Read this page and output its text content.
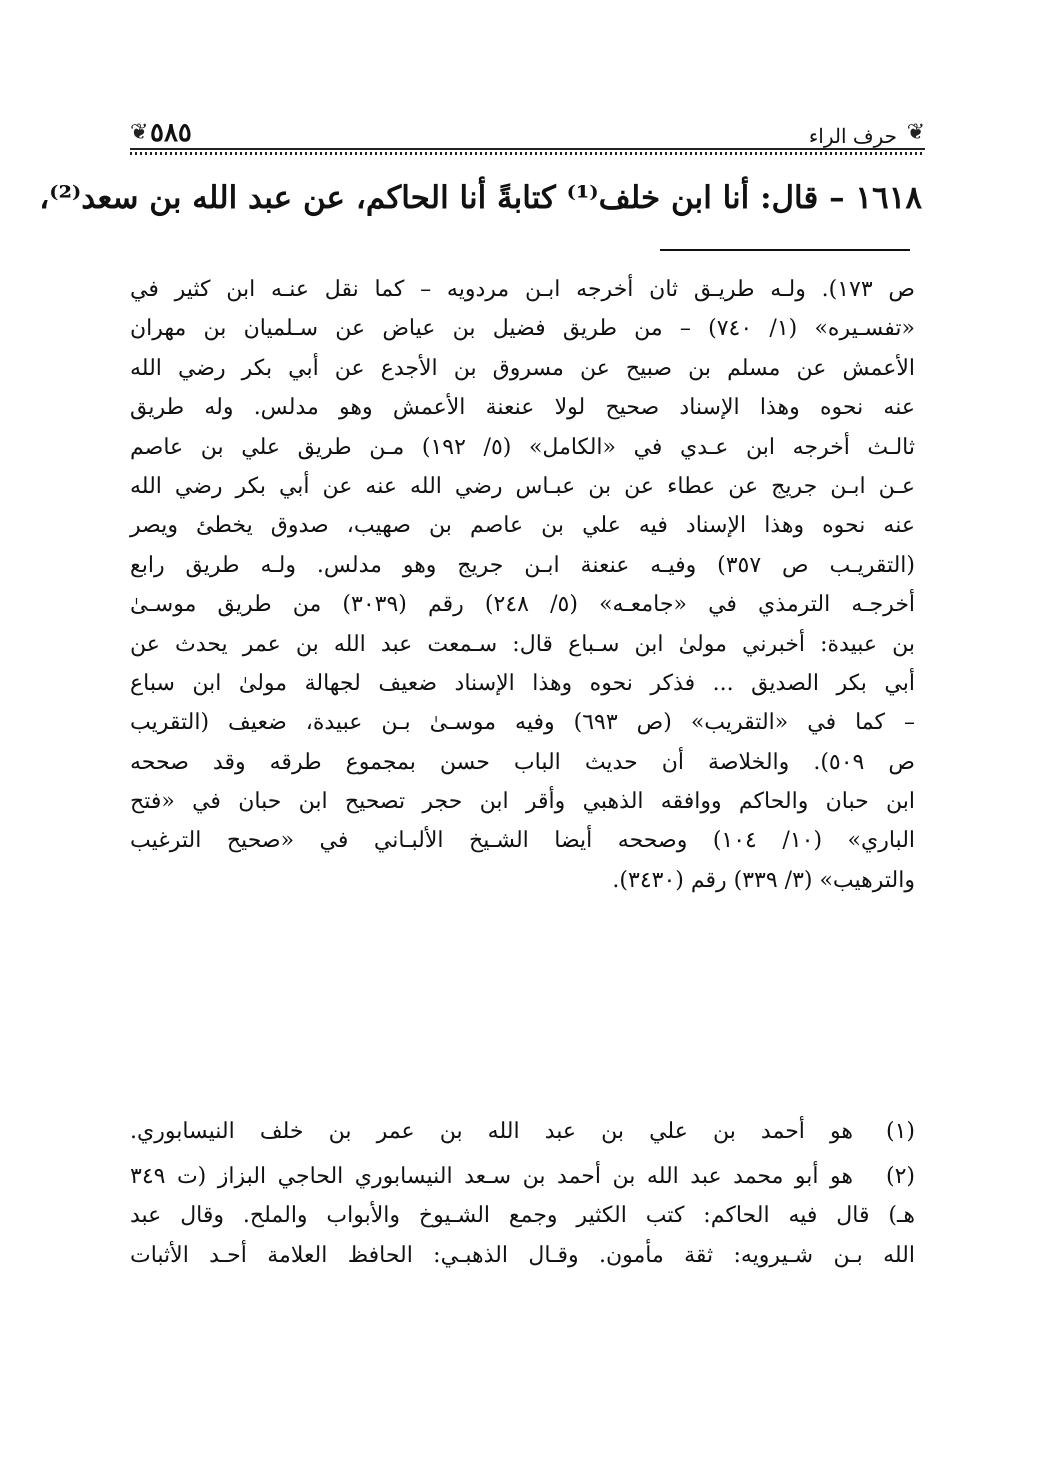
❦ ٥٨٥	حرف الراء ❦
١٦١٨ – قال: أنا ابن خلف⁽¹⁾ كتابةً أنا الحاكم، عن عبد الله بن سعد⁽²⁾،
ص ١٧٣). ولـه طريـق ثان أخرجه ابـن مردويه – كما نقل عنـه ابن كثير في
«تفسـيره» (١/ ٧٤٠) – من طريق فضيل بن عياض عن سـلميان بن مهران
الأعمش عن مسلم بن صبيح عن مسروق بن الأجدع عن أبي بكر رضي الله
عنه نحوه وهذا الإسناد صحيح لولا عنعنة الأعمش وهو مدلس. وله طريق
ثالـث أخرجه ابن عـدي في «الكامل» (٥/ ١٩٢) مـن طريق علي بن عاصم
عـن ابـن جريج عن عطاء عن بن عبـاس رضي الله عنه عن أبي بكر رضي الله
عنه نحوه وهذا الإسناد فيه علي بن عاصم بن صهيب، صدوق يخطئ ويصر
(التقريـب ص ٣٥٧) وفيـه عنعنة ابـن جريج وهو مدلس. ولـه طريق رابع
أخرجـه الترمذي في «جامعـه» (٥/ ٢٤٨) رقم (٣٠٣٩) من طريق موسـىٰ
بن عبيدة: أخبرني مولىٰ ابن سـباع قال: سـمعت عبد الله بن عمر يحدث عن
أبي بكر الصديق ... فذكر نحوه وهذا الإسناد ضعيف لجهالة مولىٰ ابن سباع
– كما في «التقريب» (ص ٦٩٣) وفيه موسـىٰ بـن عبيدة، ضعيف (التقريب
ص ٥٠٩). والخلاصة أن حديث الباب حسن بمجموع طرقه وقد صححه
ابن حبان والحاكم ووافقه الذهبي وأقر ابن حجر تصحيح ابن حبان في «فتح
الباري» (١٠/ ١٠٤) وصححه أيضا الشـيخ الألبـاني في «صحيح الترغيب
والترهيب» (٣/ ٣٣٩) رقم (٣٤٣٠).
(١)
هو أحمد بن علي بن عبد الله بن عمر بن خلف النيسابوري.
(٢)
هو أبو محمد عبد الله بن أحمد بن سـعد النيسابوري الحاجي البزاز (ت ٣٤٩
هـ) قال فيه الحاكم: كتب الكثير وجمع الشـيوخ والأبواب والملح. وقال عبد
الله بـن شـيرويه: ثقة مأمون. وقـال الذهبـي: الحافظ العلامة أحـد الأثبات
